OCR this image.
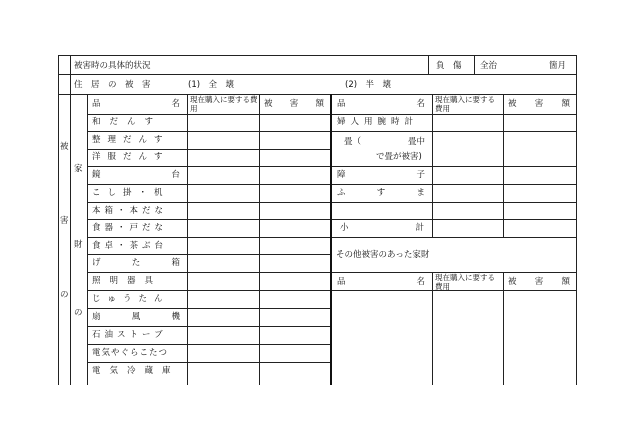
被害時の具体的状況	負　傷 全治	箇月
住　居　の　被　害	(1)　全　壊	(2)　半　壊
被
害
の
家
財
の
品	名 現在購入に要する費用	被 害 額
和だんす
整理だんす
洋服だんす
鏡	台
こし掛・机
本箱・本だな
食器・戸だな
食卓・茶ぶ台
げ	た	箱
照明器具
じゅうたん
扇	風	機
石油ストーブ
電気やぐらこたつ
電気冷蔵庫
品	名 現在購入に要する費用	被 害 額
婦人用腕時計
畳（	畳中
で畳が被害)
障	子
ふ	す	ま
小	計
その他被害のあった家財
品	名 現在購入に要する費用	被 害 額
